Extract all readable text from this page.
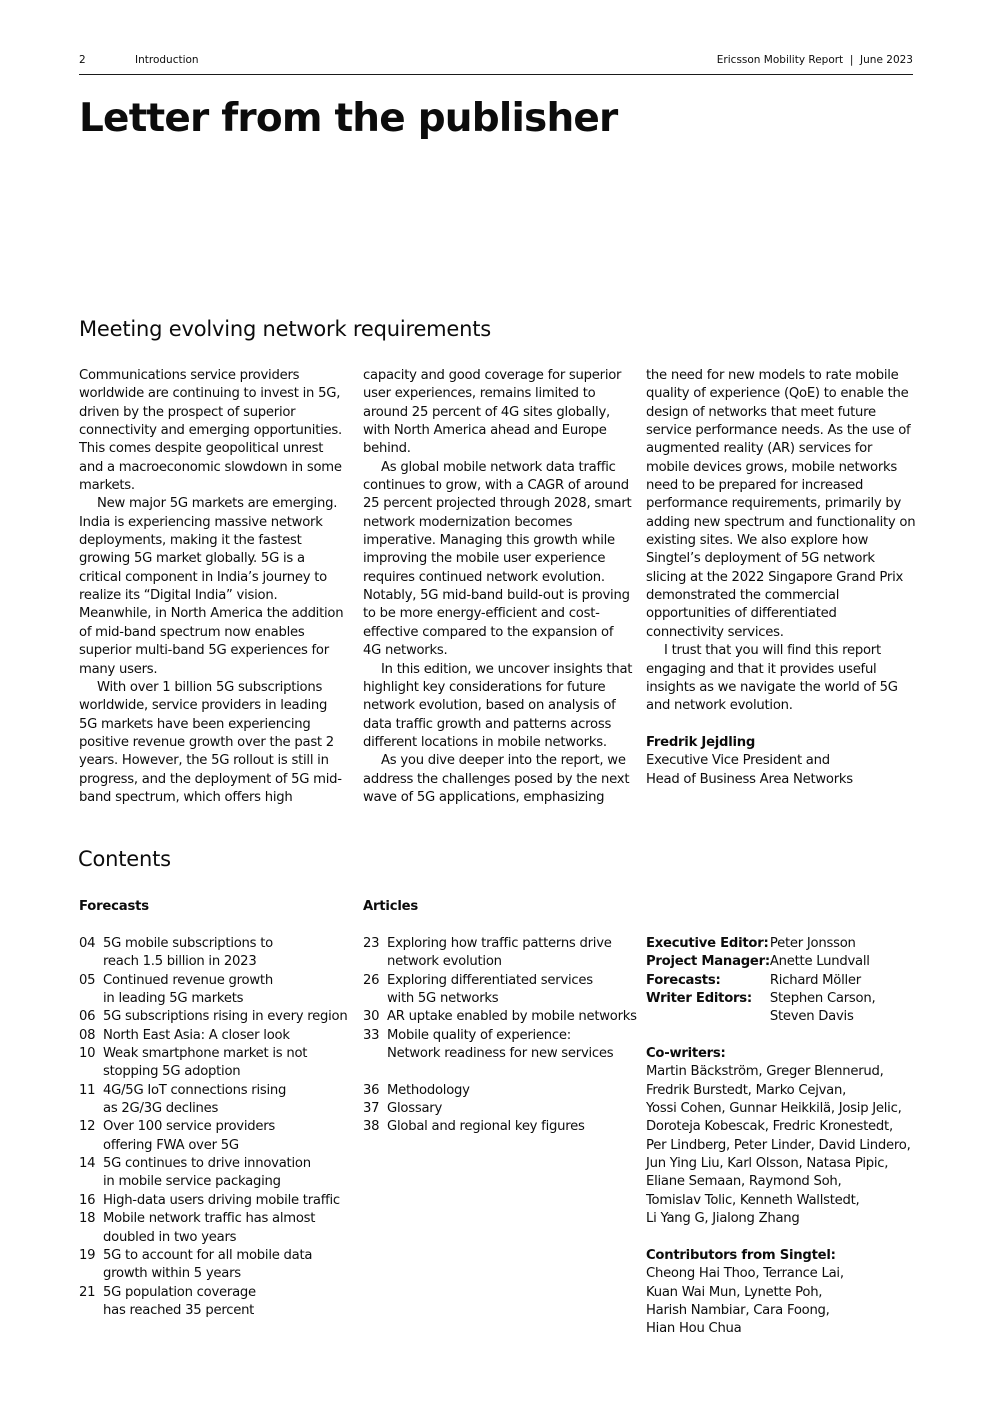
2	Introduction	Ericsson Mobility Report  |  June 2023
Letter from the publisher
Meeting evolving network requirements

Communications service providers worldwide are continuing to invest in 5G, driven by the prospect of superior connectivity and emerging opportunities. This comes despite geopolitical unrest and a macroeconomic slowdown in some markets.

New major 5G markets are emerging. India is experiencing massive network deployments, making it the fastest growing 5G market globally. 5G is a critical component in India’s journey to realize its “Digital India” vision. Meanwhile, in North America the addition of mid-band spectrum now enables superior multi-band 5G experiences for many users.

With over 1 billion 5G subscriptions worldwide, service providers in leading 5G markets have been experiencing positive revenue growth over the past 2 years. However, the 5G rollout is still in progress, and the deployment of 5G mid-band spectrum, which offers high

capacity and good coverage for superior user experiences, remains limited to around 25 percent of 4G sites globally, with North America ahead and Europe behind.

As global mobile network data traffic continues to grow, with a CAGR of around 25 percent projected through 2028, smart network modernization becomes imperative. Managing this growth while improving the mobile user experience requires continued network evolution. Notably, 5G mid-band build-out is proving to be more energy-efficient and cost-effective compared to the expansion of 4G networks.

In this edition, we uncover insights that highlight key considerations for future network evolution, based on analysis of data traffic growth and patterns across different locations in mobile networks.

As you dive deeper into the report, we address the challenges posed by the next wave of 5G applications, emphasizing

the need for new models to rate mobile quality of experience (QoE) to enable the design of networks that meet future service performance needs. As the use of augmented reality (AR) services for mobile devices grows, mobile networks need to be prepared for increased performance requirements, primarily by adding new spectrum and functionality on existing sites. We also explore how Singtel’s deployment of 5G network slicing at the 2022 Singapore Grand Prix demonstrated the commercial opportunities of differentiated connectivity services.

I trust that you will find this report engaging and that it provides useful insights as we navigate the world of 5G and network evolution.

Fredrik Jejdling

Executive Vice President and

Head of Business Area Networks

Contents
Forecasts	Articles
04 5G mobile subscriptions to
reach 1.5 billion in 2023
05 Continued revenue growth
in leading 5G markets
06 5G subscriptions rising in every region
08 North East Asia: A closer look
10 Weak smartphone market is not
stopping 5G adoption
11 4G/5G IoT connections rising
as 2G/3G declines
12 Over 100 service providers
offering FWA over 5G
14 5G continues to drive innovation
in mobile service packaging
16 High-data users driving mobile traffic
18 Mobile network traffic has almost
doubled in two years
19 5G to account for all mobile data
growth within 5 years
21 5G population coverage
has reached 35 percent
23 Exploring how traffic patterns drive
network evolution
26 Exploring differentiated services
with 5G networks
30 AR uptake enabled by mobile networks
33 Mobile quality of experience:
Network readiness for new services
36 Methodology
37 Glossary
38 Global and regional key figures
Executive Editor:	Peter Jonsson
Project Manager:	Anette Lundvall
Forecasts:	Richard Möller
Writer Editors:	Stephen Carson,
	Steven Davis
Co-writers:
Martin Bäckström, Greger Blennerud,
Fredrik Burstedt, Marko Cejvan,
Yossi Cohen, Gunnar Heikkilä, Josip Jelic,
Doroteja Kobescak, Fredric Kronestedt,
Per Lindberg, Peter Linder, David Lindero,
Jun Ying Liu, Karl Olsson, Natasa Pipic,
Eliane Semaan, Raymond Soh,
Tomislav Tolic, Kenneth Wallstedt,
Li Yang G, Jialong Zhang
Contributors from Singtel:
Cheong Hai Thoo, Terrance Lai,
Kuan Wai Mun, Lynette Poh,
Harish Nambiar, Cara Foong,
Hian Hou Chua
